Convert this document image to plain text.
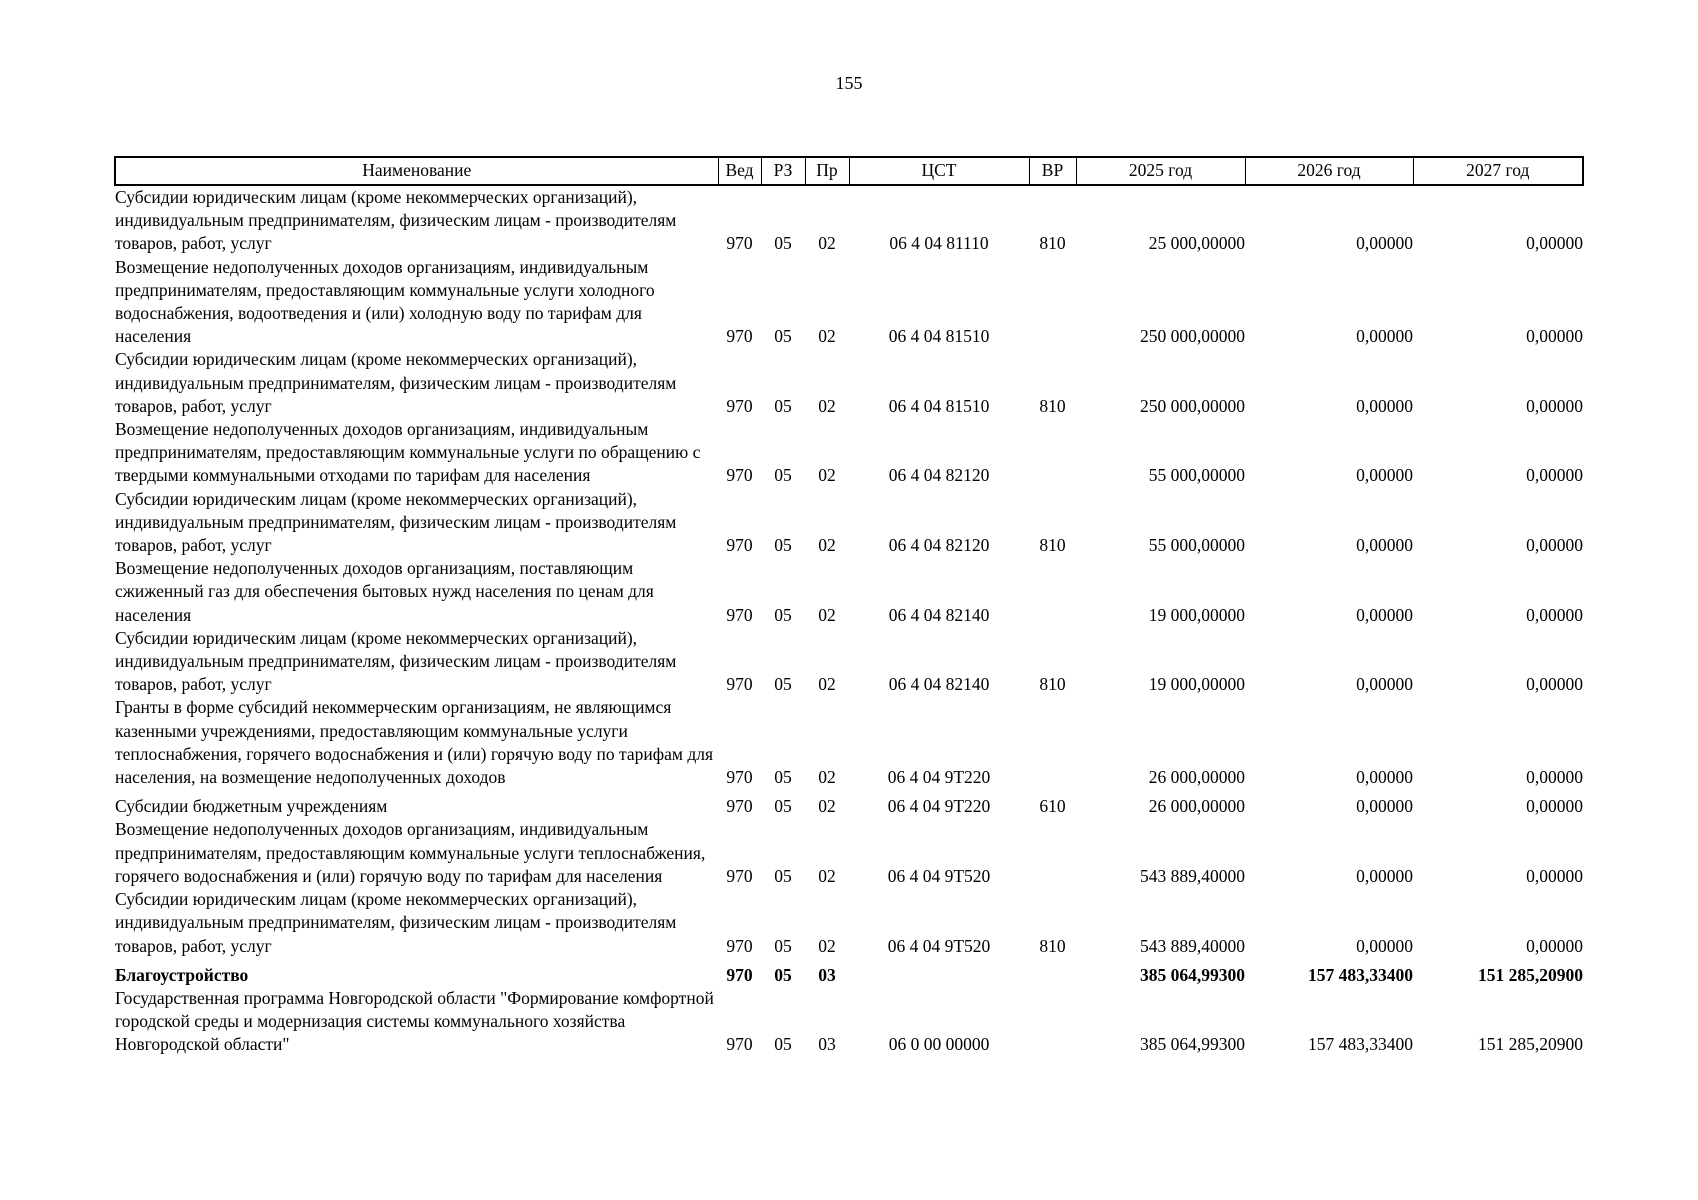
155
Наименование	Вед	РЗ	Пр	ЦСТ	ВР	2025 год	2026 год	2027 год
Субсидии юридическим лицам (кроме некоммерческих организаций), индивидуальным предпринимателям, физическим лицам - производителям товаров, работ, услуг	970	05	02	06 4 04 81110	810	25 000,00000	0,00000	0,00000
Возмещение недополученных доходов организациям, индивидуальным предпринимателям, предоставляющим коммунальные услуги холодного водоснабжения, водоотведения и (или) холодную воду по тарифам для населения	970	05	02	06 4 04 81510		250 000,00000	0,00000	0,00000
Субсидии юридическим лицам (кроме некоммерческих организаций), индивидуальным предпринимателям, физическим лицам - производителям товаров, работ, услуг	970	05	02	06 4 04 81510	810	250 000,00000	0,00000	0,00000
Возмещение недополученных доходов организациям, индивидуальным предпринимателям, предоставляющим коммунальные услуги по обращению с твердыми коммунальными отходами по тарифам для населения	970	05	02	06 4 04 82120		55 000,00000	0,00000	0,00000
Субсидии юридическим лицам (кроме некоммерческих организаций), индивидуальным предпринимателям, физическим лицам - производителям товаров, работ, услуг	970	05	02	06 4 04 82120	810	55 000,00000	0,00000	0,00000
Возмещение недополученных доходов организациям, поставляющим сжиженный газ для обеспечения бытовых нужд населения по ценам для населения	970	05	02	06 4 04 82140		19 000,00000	0,00000	0,00000
Субсидии юридическим лицам (кроме некоммерческих организаций), индивидуальным предпринимателям, физическим лицам - производителям товаров, работ, услуг	970	05	02	06 4 04 82140	810	19 000,00000	0,00000	0,00000
Гранты в форме субсидий некоммерческим организациям, не являющимся казенными учреждениями, предоставляющим коммунальные услуги теплоснабжения, горячего водоснабжения и (или) горячую воду по тарифам для населения, на возмещение недополученных доходов	970	05	02	06 4 04 9Т220		26 000,00000	0,00000	0,00000
Субсидии бюджетным учреждениям	970	05	02	06 4 04 9Т220	610	26 000,00000	0,00000	0,00000
Возмещение недополученных доходов организациям, индивидуальным предпринимателям, предоставляющим коммунальные услуги теплоснабжения, горячего водоснабжения и (или) горячую воду по тарифам для населения	970	05	02	06 4 04 9Т520		543 889,40000	0,00000	0,00000
Субсидии юридическим лицам (кроме некоммерческих организаций), индивидуальным предпринимателям, физическим лицам - производителям товаров, работ, услуг	970	05	02	06 4 04 9Т520	810	543 889,40000	0,00000	0,00000
Благоустройство	970	05	03			385 064,99300	157 483,33400	151 285,20900
Государственная программа Новгородской области "Формирование комфортной городской среды и модернизация системы коммунального хозяйства Новгородской области"	970	05	03	06 0 00 00000		385 064,99300	157 483,33400	151 285,20900
